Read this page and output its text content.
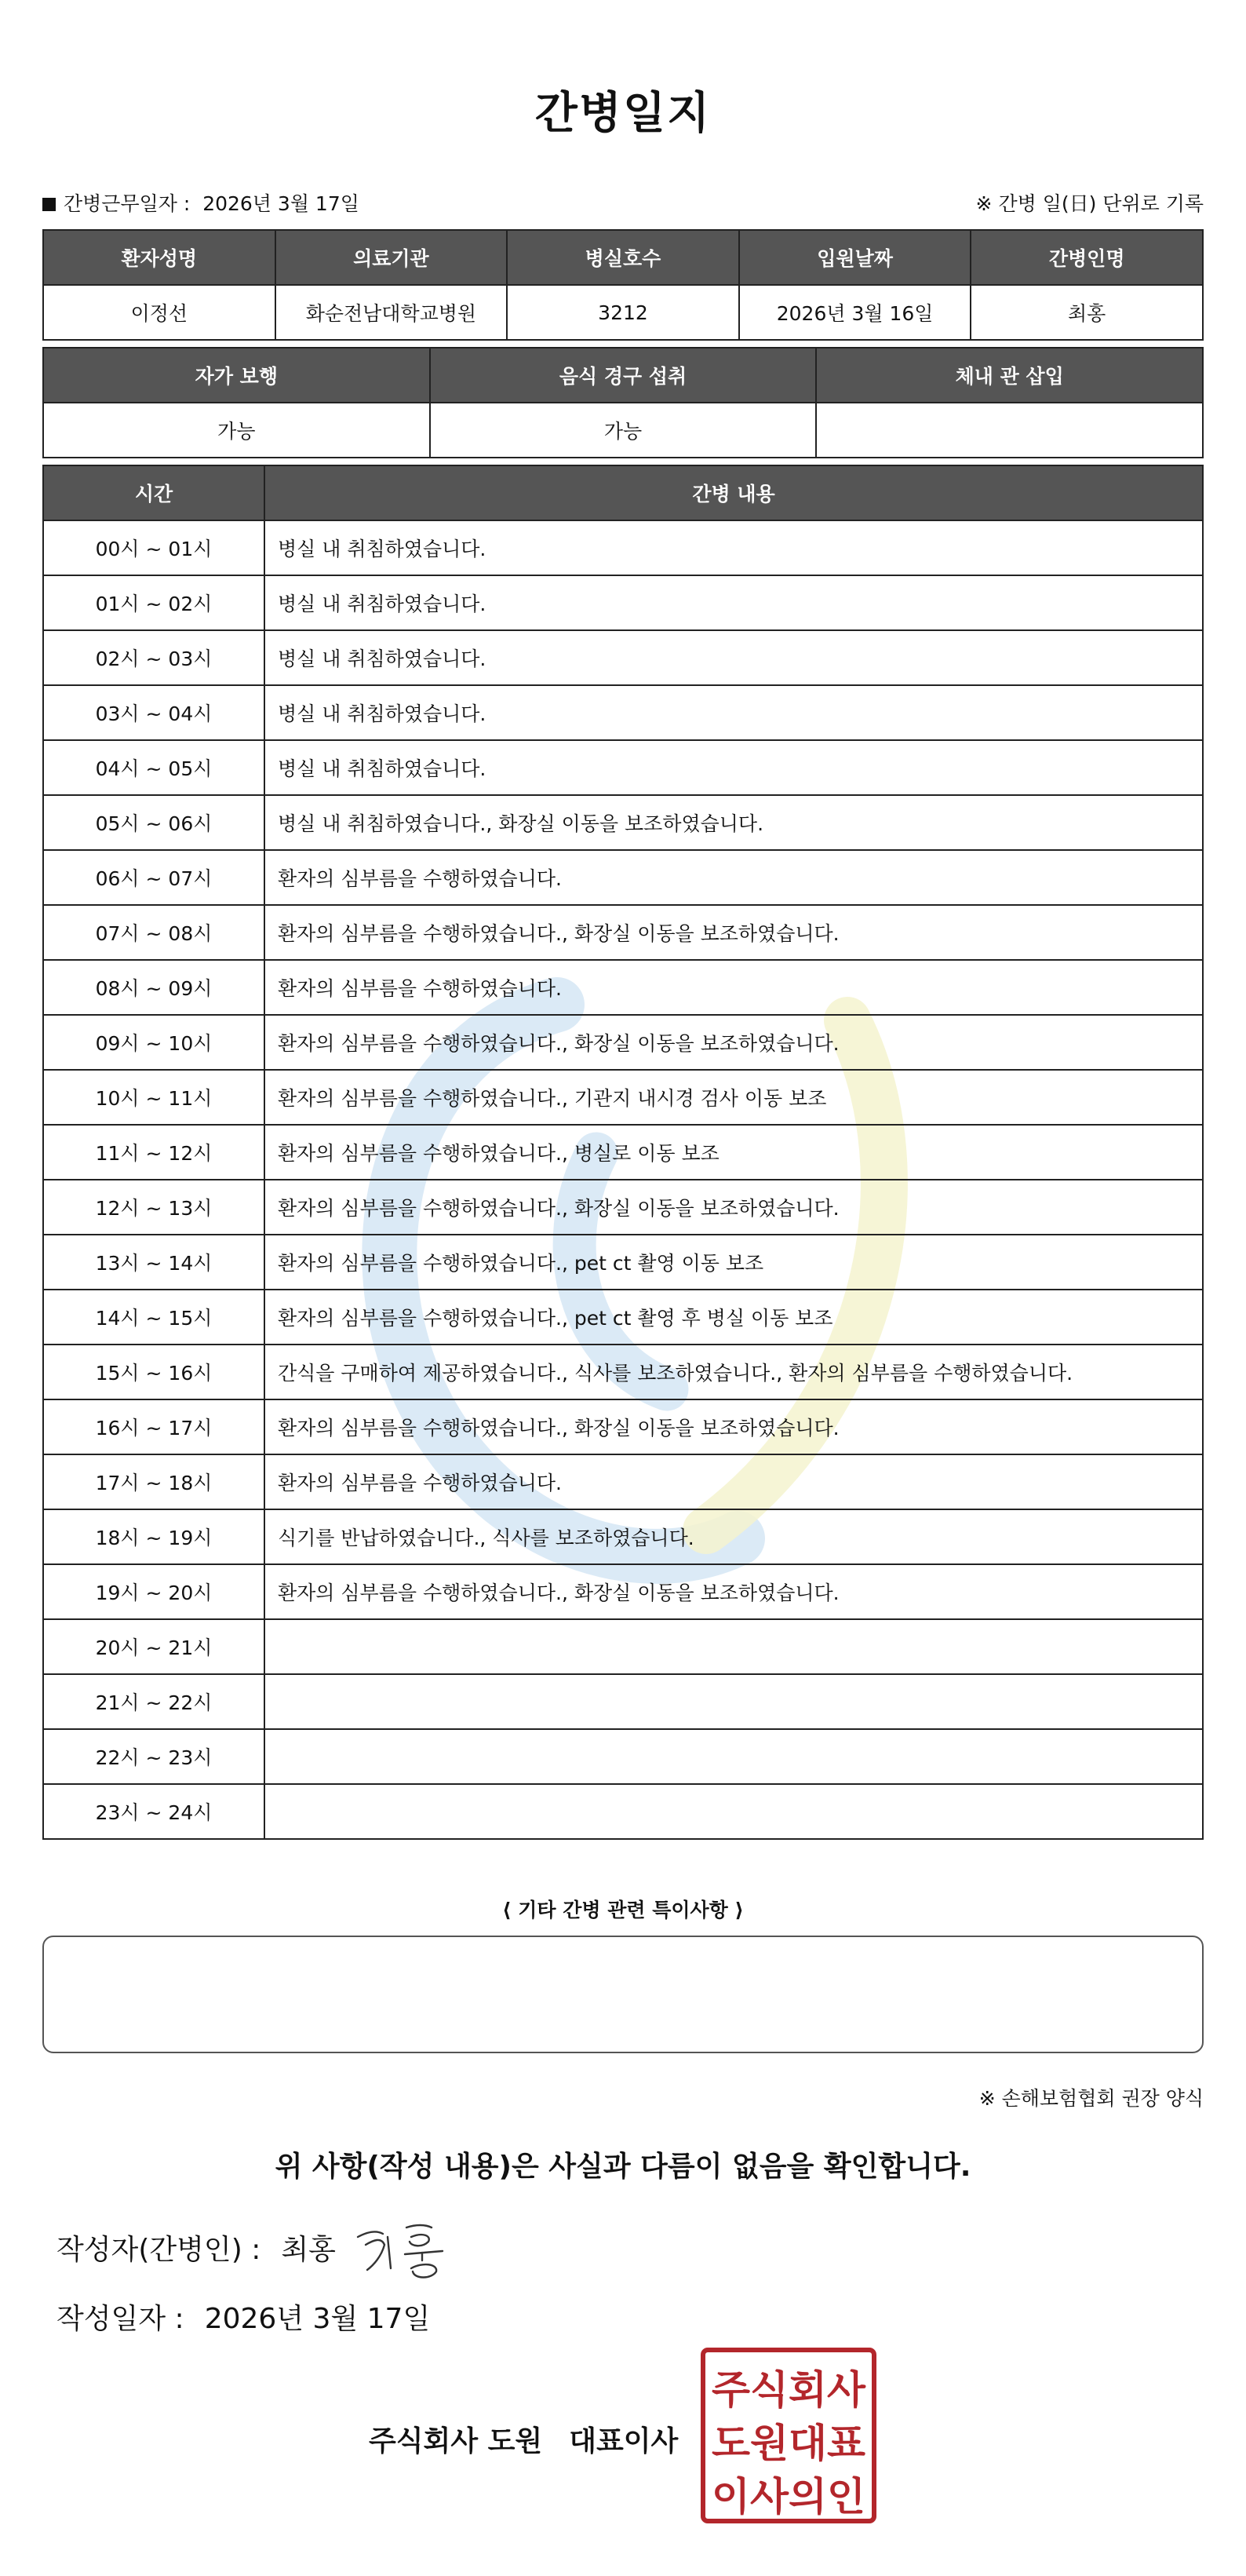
간병일지
간병근무일자 : 2026년 3월 17일	※ 간병 일(日) 단위로 기록
환자성명	의료기관	병실호수	입원날짜	간병인명
이정선	화순전남대학교병원	3212	2026년 3월 16일	최홍
자가 보행	음식 경구 섭취	체내 관 삽입
가능	가능	
시간	간병 내용
00시 ~ 01시	병실 내 취침하였습니다.
01시 ~ 02시	병실 내 취침하였습니다.
02시 ~ 03시	병실 내 취침하였습니다.
03시 ~ 04시	병실 내 취침하였습니다.
04시 ~ 05시	병실 내 취침하였습니다.
05시 ~ 06시	병실 내 취침하였습니다., 화장실 이동을 보조하였습니다.
06시 ~ 07시	환자의 심부름을 수행하였습니다.
07시 ~ 08시	환자의 심부름을 수행하였습니다., 화장실 이동을 보조하였습니다.
08시 ~ 09시	환자의 심부름을 수행하였습니다.
09시 ~ 10시	환자의 심부름을 수행하였습니다., 화장실 이동을 보조하였습니다.
10시 ~ 11시	환자의 심부름을 수행하였습니다., 기관지 내시경 검사 이동 보조
11시 ~ 12시	환자의 심부름을 수행하였습니다., 병실로 이동 보조
12시 ~ 13시	환자의 심부름을 수행하였습니다., 화장실 이동을 보조하였습니다.
13시 ~ 14시	환자의 심부름을 수행하였습니다., pet ct 촬영 이동 보조
14시 ~ 15시	환자의 심부름을 수행하였습니다., pet ct 촬영 후 병실 이동 보조
15시 ~ 16시	간식을 구매하여 제공하였습니다., 식사를 보조하였습니다., 환자의 심부름을 수행하였습니다.
16시 ~ 17시	환자의 심부름을 수행하였습니다., 화장실 이동을 보조하였습니다.
17시 ~ 18시	환자의 심부름을 수행하였습니다.
18시 ~ 19시	식기를 반납하였습니다., 식사를 보조하였습니다.
19시 ~ 20시	환자의 심부름을 수행하였습니다., 화장실 이동을 보조하였습니다.
20시 ~ 21시	
21시 ~ 22시	
22시 ~ 23시	
23시 ~ 24시	
⟨ 기타 간병 관련 특이사항 ⟩
※ 손해보험협회 권장 양식
위 사항(작성 내용)은 사실과 다름이 없음을 확인합니다.
작성자(간병인) : 최홍
작성일자 : 2026년 3월 17일
주식회사 도원 대표이사
주식회사
도원대표
이사의인
